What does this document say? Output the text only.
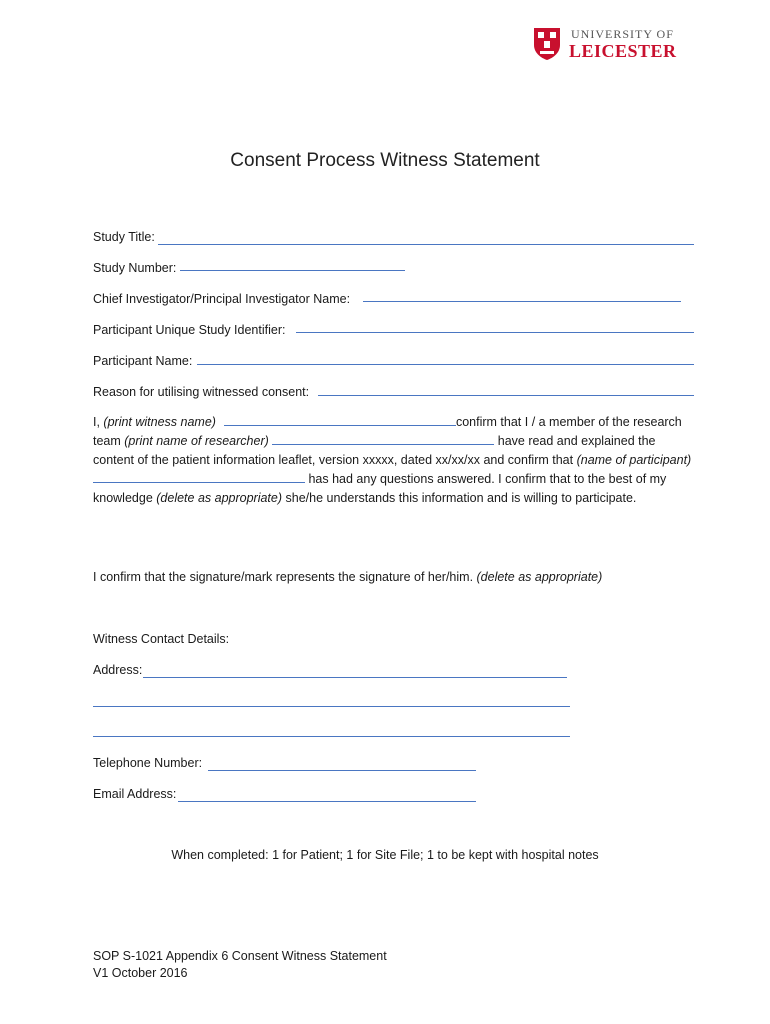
UNIVERSITY OF
LEICESTER
Consent Process Witness Statement
Study Title:
Study Number:
Chief Investigator/Principal Investigator Name:
Participant Unique Study Identifier:
Participant Name:
Reason for utilising witnessed consent:
I, (print witness name)	confirm that I / a member of the research team (print name of researcher)	have read and explained the content of the patient information leaflet, version xxxxx, dated xx/xx/xx and confirm that (name of participant)  has had any questions answered. I confirm that to the best of my knowledge (delete as appropriate) she/he understands this information and is willing to participate.
I confirm that the signature/mark represents the signature of her/him. (delete as appropriate)
Witness Contact Details:
Address:
Telephone Number:
Email Address:
When completed: 1 for Patient; 1 for Site File; 1 to be kept with hospital notes
SOP S-1021 Appendix 6 Consent Witness Statement
V1 October 2016
